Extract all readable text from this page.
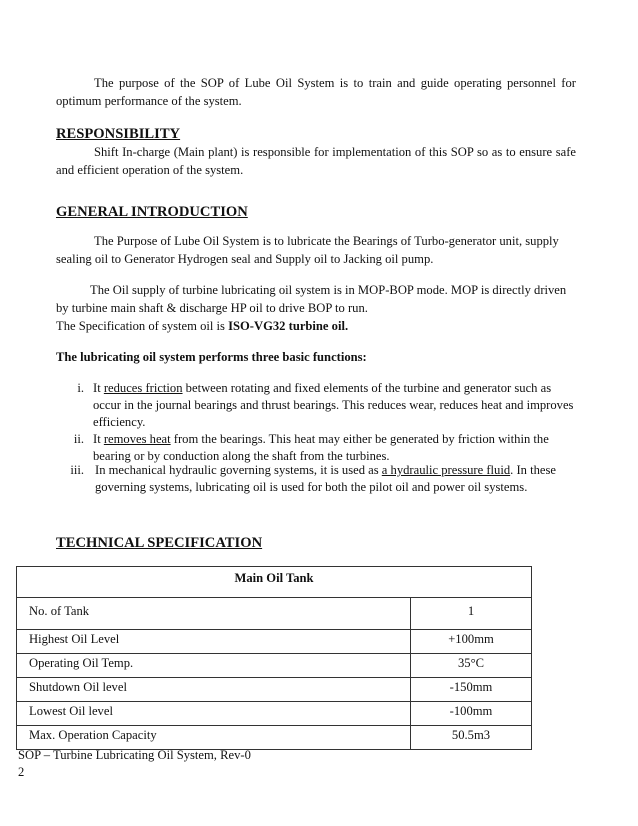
The purpose of the SOP of Lube Oil System is to train and guide operating personnel for optimum performance of the system.

RESPONSIBILITY

Shift In-charge (Main plant) is responsible for implementation of this SOP so as to ensure safe and efficient operation of the system.

GENERAL INTRODUCTION

The Purpose of Lube Oil System is to lubricate the Bearings of Turbo-generator unit, supply sealing oil to Generator Hydrogen seal and Supply oil to Jacking oil pump.

The Oil supply of turbine lubricating oil system is in MOP-BOP mode. MOP is directly driven by turbine main shaft & discharge HP oil to drive BOP to run.

The Specification of system oil is ISO-VG32 turbine oil.

The lubricating oil system performs three basic functions:

i. It reduces friction between rotating and fixed elements of the turbine and generator such as occur in the journal bearings and thrust bearings. This reduces wear, reduces heat and improves efficiency.
ii. It removes heat from the bearings. This heat may either be generated by friction within the bearing or by conduction along the shaft from the turbines.
iii. In mechanical hydraulic governing systems, it is used as a hydraulic pressure fluid. In these governing systems, lubricating oil is used for both the pilot oil and power oil systems.
TECHNICAL SPECIFICATION
Main Oil Tank	
No. of Tank	1

Highest Oil Level	+100mm

Operating Oil Temp.	35°C

Shutdown Oil level	-150mm

Lowest Oil level	-100mm

Max. Operation Capacity	50.5m3
SOP – Turbine Lubricating Oil System, Rev-0
2
